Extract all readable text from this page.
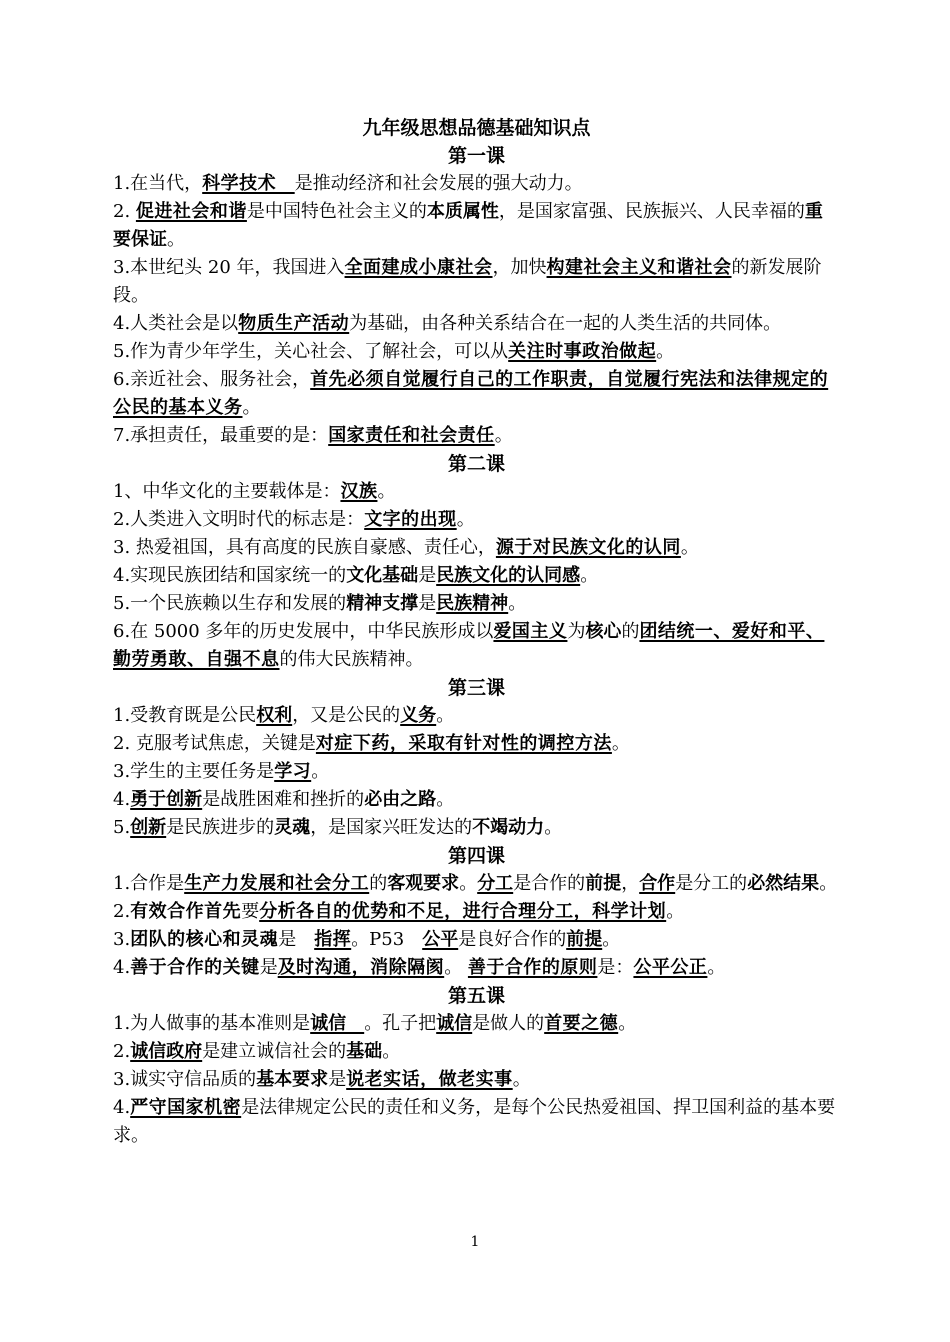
九年级思想品德基础知识点
第一课
1.在当代，科学技术　是推动经济和社会发展的强大动力。
2. 促进社会和谐是中国特色社会主义的本质属性，是国家富强、民族振兴、人民幸福的重要保证。
3.本世纪头 20 年，我国进入全面建成小康社会，加快构建社会主义和谐社会的新发展阶段。
4.人类社会是以物质生产活动为基础，由各种关系结合在一起的人类生活的共同体。
5.作为青少年学生，关心社会、了解社会，可以从关注时事政治做起。
6.亲近社会、服务社会，首先必须自觉履行自己的工作职责，自觉履行宪法和法律规定的公民的基本义务。
7.承担责任，最重要的是：国家责任和社会责任。
第二课
1、中华文化的主要载体是：汉族。
2.人类进入文明时代的标志是：文字的出现。
3. 热爱祖国，具有高度的民族自豪感、责任心，源于对民族文化的认同。
4.实现民族团结和国家统一的文化基础是民族文化的认同感。
5.一个民族赖以生存和发展的精神支撑是民族精神。
6.在 5000 多年的历史发展中，中华民族形成以爱国主义为核心的团结统一、爱好和平、勤劳勇敢、自强不息的伟大民族精神。
第三课
1.受教育既是公民权利，又是公民的义务。
2. 克服考试焦虑，关键是对症下药，采取有针对性的调控方法。
3.学生的主要任务是学习。
4.勇于创新是战胜困难和挫折的必由之路。
5.创新是民族进步的灵魂，是国家兴旺发达的不竭动力。
第四课
1.合作是生产力发展和社会分工的客观要求。分工是合作的前提，合作是分工的必然结果。
2.有效合作首先要分析各自的优势和不足，进行合理分工，科学计划。
3.团队的核心和灵魂是　指挥。P53　公平是良好合作的前提。
4.善于合作的关键是及时沟通，消除隔阂。 善于合作的原则是：公平公正。
第五课
1.为人做事的基本准则是诚信　。孔子把诚信是做人的首要之德。
2.诚信政府是建立诚信社会的基础。
3.诚实守信品质的基本要求是说老实话，做老实事。
4.严守国家机密是法律规定公民的责任和义务，是每个公民热爱祖国、捍卫国利益的基本要求。
1
